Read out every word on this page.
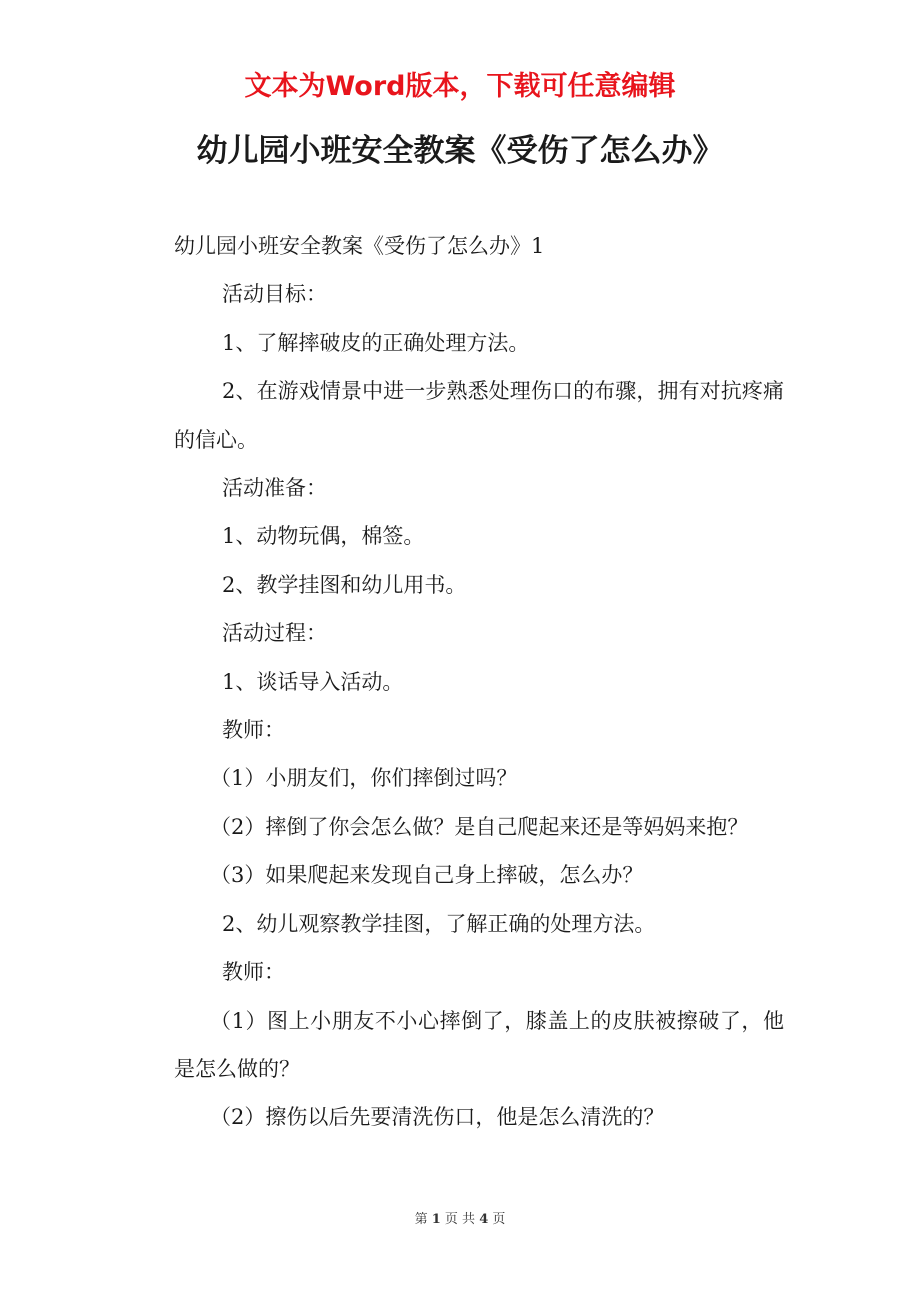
文本为Word版本，下载可任意编辑
幼儿园小班安全教案《受伤了怎么办》

幼儿园小班安全教案《受伤了怎么办》1

活动目标：

1、了解摔破皮的正确处理方法。

2、在游戏情景中进一步熟悉处理伤口的布骤，拥有对抗疼痛的信心。

活动准备：

1、动物玩偶，棉签。

2、教学挂图和幼儿用书。

活动过程：

1、谈话导入活动。

教师：

（1）小朋友们，你们摔倒过吗？

（2）摔倒了你会怎么做？是自己爬起来还是等妈妈来抱？

（3）如果爬起来发现自己身上摔破，怎么办？

2、幼儿观察教学挂图，了解正确的处理方法。

教师：

（1）图上小朋友不小心摔倒了，膝盖上的皮肤被擦破了，他是怎么做的？

（2）擦伤以后先要清洗伤口，他是怎么清洗的？

第 1 页 共 4 页
